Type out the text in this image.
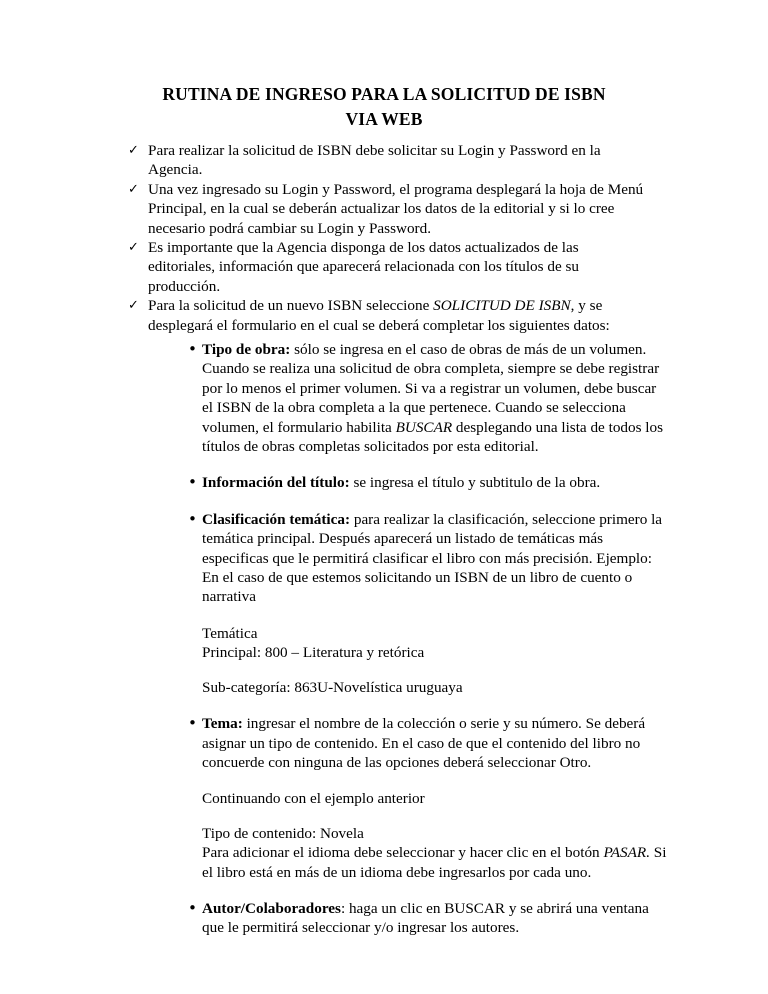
RUTINA DE INGRESO PARA LA SOLICITUD DE ISBN
VIA WEB
✓ Para realizar la solicitud de ISBN debe solicitar su Login y Password en la Agencia.
✓ Una vez ingresado su Login y Password, el programa desplegará la hoja de Menú Principal, en la cual se deberán actualizar los datos de la editorial y si lo cree necesario podrá cambiar su Login y Password.
✓ Es importante que la Agencia disponga de los datos actualizados de las editoriales, información que aparecerá relacionada con los títulos de su producción.
✓ Para la solicitud de un nuevo ISBN seleccione SOLICITUD DE ISBN, y se desplegará el formulario en el cual se deberá completar los siguientes datos:
• Tipo de obra: sólo se ingresa en el caso de obras de más de un volumen. Cuando se realiza una solicitud de obra completa, siempre se debe registrar por lo menos el primer volumen. Si va a registrar un volumen, debe buscar el ISBN de la obra completa a la que pertenece. Cuando se selecciona volumen, el formulario habilita BUSCAR desplegando una lista de todos los títulos de obras completas solicitados por esta editorial.
• Información del título: se ingresa el título y subtitulo de la obra.
• Clasificación temática: para realizar la clasificación, seleccione primero la temática principal. Después aparecerá un listado de temáticas más especificas que le permitirá clasificar el libro con más precisión. Ejemplo: En el caso de que estemos solicitando un ISBN de un libro de cuento o narrativa
Temática
Principal: 800 – Literatura y retórica
Sub-categoría: 863U-Novelística uruguaya
• Tema: ingresar el nombre de la colección o serie y su número. Se deberá asignar un tipo de contenido. En el caso de que el contenido del libro no concuerde con ninguna de las opciones deberá seleccionar Otro.
Continuando con el ejemplo anterior
Tipo de contenido: Novela
Para adicionar el idioma debe seleccionar y hacer clic en el botón PASAR. Si el libro está en más de un idioma debe ingresarlos por cada uno.
• Autor/Colaboradores: haga un clic en BUSCAR y se abrirá una ventana que le permitirá seleccionar y/o ingresar los autores.
